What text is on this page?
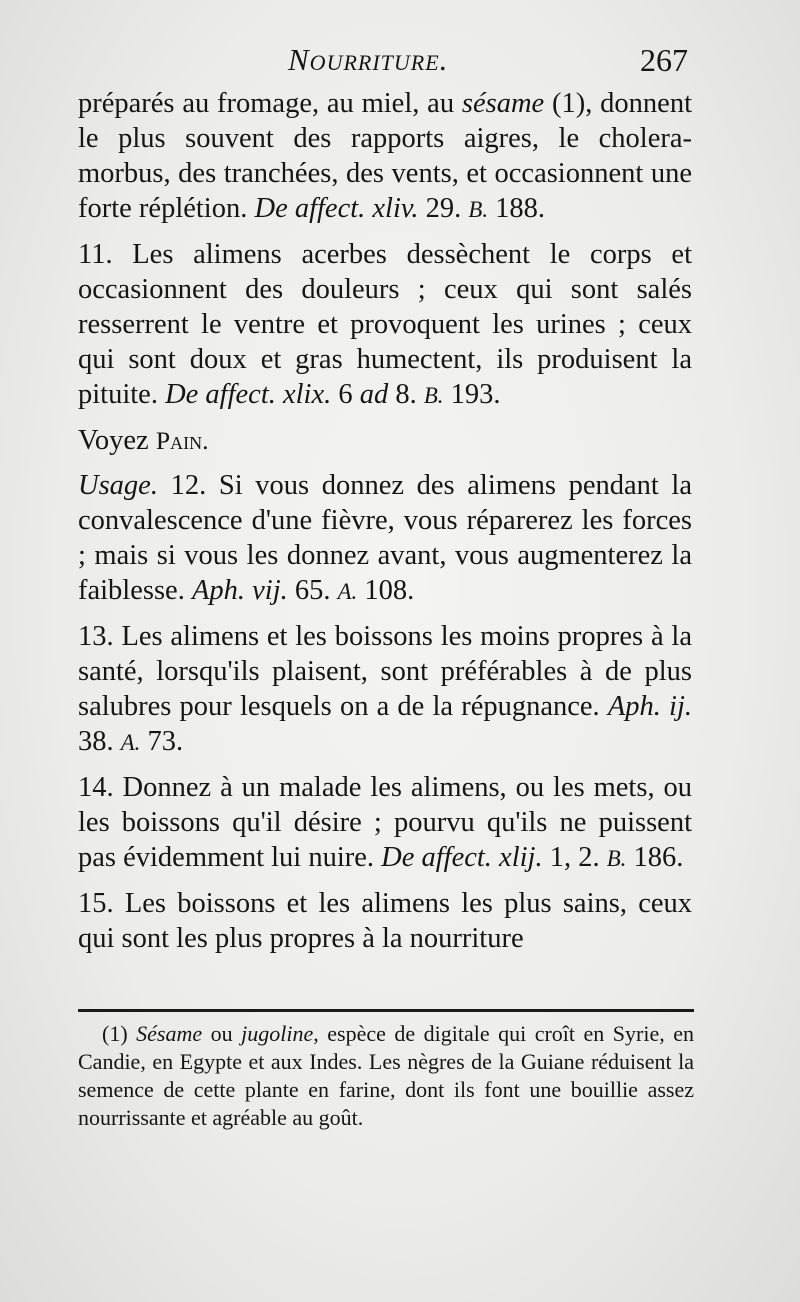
Nourriture.	267

préparés au fromage, au miel, au sésame (1), donnent le plus souvent des rapports aigres, le cholera-morbus, des tranchées, des vents, et occasionnent une forte réplétion. De affect. xliv. 29. B. 188.

11. Les alimens acerbes dessèchent le corps et occasionnent des douleurs ; ceux qui sont salés resserrent le ventre et provoquent les urines ; ceux qui sont doux et gras humectent, ils produisent la pituite. De affect. xlix. 6 ad 8. B. 193.

Voyez Pain.

Usage. 12. Si vous donnez des alimens pendant la convalescence d'une fièvre, vous réparerez les forces ; mais si vous les donnez avant, vous augmenterez la faiblesse. Aph. vij. 65. A. 108.

13. Les alimens et les boissons les moins propres à la santé, lorsqu'ils plaisent, sont préférables à de plus salubres pour lesquels on a de la répugnance. Aph. ij. 38. A. 73.

14. Donnez à un malade les alimens, ou les mets, ou les boissons qu'il désire ; pourvu qu'ils ne puissent pas évidemment lui nuire. De affect. xlij. 1, 2. B. 186.

15. Les boissons et les alimens les plus sains, ceux qui sont les plus propres à la nourriture

(1) Sésame ou jugoline, espèce de digitale qui croît en Syrie, en Candie, en Egypte et aux Indes. Les nègres de la Guiane réduisent la semence de cette plante en farine, dont ils font une bouillie assez nourrissante et agréable au goût.
